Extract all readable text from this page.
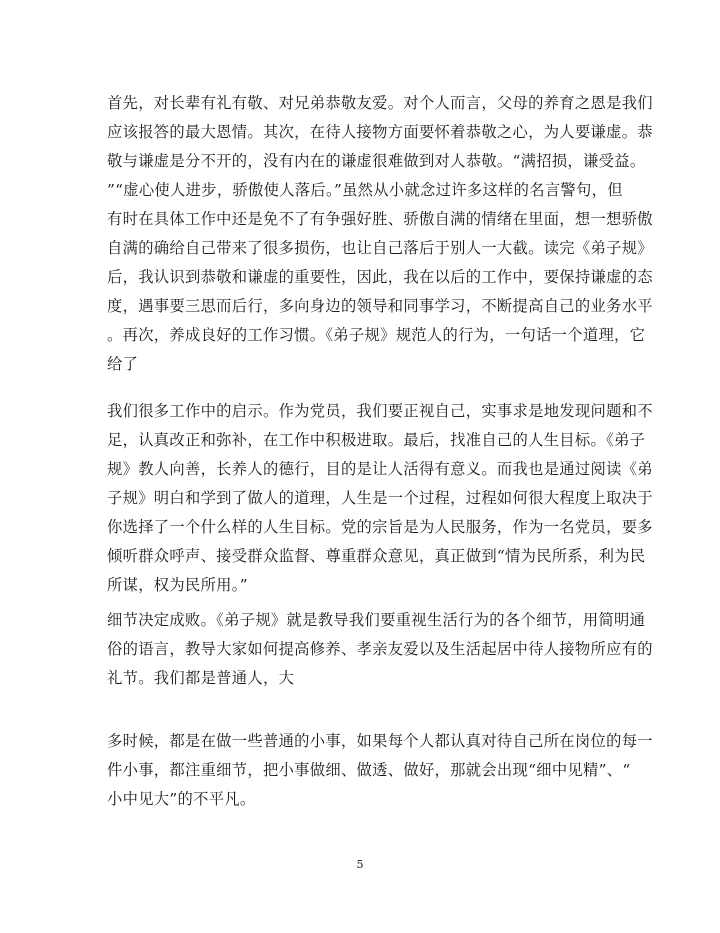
首先，对长辈有礼有敬、对兄弟恭敬友爱。对个人而言，父母的养育之恩是我们
应该报答的最大恩情。其次，在待人接物方面要怀着恭敬之心，为人要谦虚。恭
敬与谦虚是分不开的，没有内在的谦虚很难做到对人恭敬。“满招损，谦受益。
”“虚心使人进步，骄傲使人落后。”虽然从小就念过许多这样的名言警句，但
有时在具体工作中还是免不了有争强好胜、骄傲自满的情绪在里面，想一想骄傲
自满的确给自己带来了很多损伤，也让自己落后于别人一大截。读完《弟子规》
后，我认识到恭敬和谦虚的重要性，因此，我在以后的工作中，要保持谦虚的态
度，遇事要三思而后行，多向身边的领导和同事学习，不断提高自己的业务水平
。再次，养成良好的工作习惯。《弟子规》规范人的行为，一句话一个道理，它
给了
我们很多工作中的启示。作为党员，我们要正视自己，实事求是地发现问题和不
足，认真改正和弥补，在工作中积极进取。最后，找准自己的人生目标。《弟子
规》教人向善，长养人的德行，目的是让人活得有意义。而我也是通过阅读《弟
子规》明白和学到了做人的道理，人生是一个过程，过程如何很大程度上取决于
你选择了一个什么样的人生目标。党的宗旨是为人民服务，作为一名党员，要多
倾听群众呼声、接受群众监督、尊重群众意见，真正做到“情为民所系，利为民
所谋，权为民所用。”
细节决定成败。《弟子规》就是教导我们要重视生活行为的各个细节，用简明通
俗的语言，教导大家如何提高修养、孝亲友爱以及生活起居中待人接物所应有的
礼节。我们都是普通人，大
多时候，都是在做一些普通的小事，如果每个人都认真对待自己所在岗位的每一
件小事，都注重细节，把小事做细、做透、做好，那就会出现“细中见精”、“
小中见大”的不平凡。
5
